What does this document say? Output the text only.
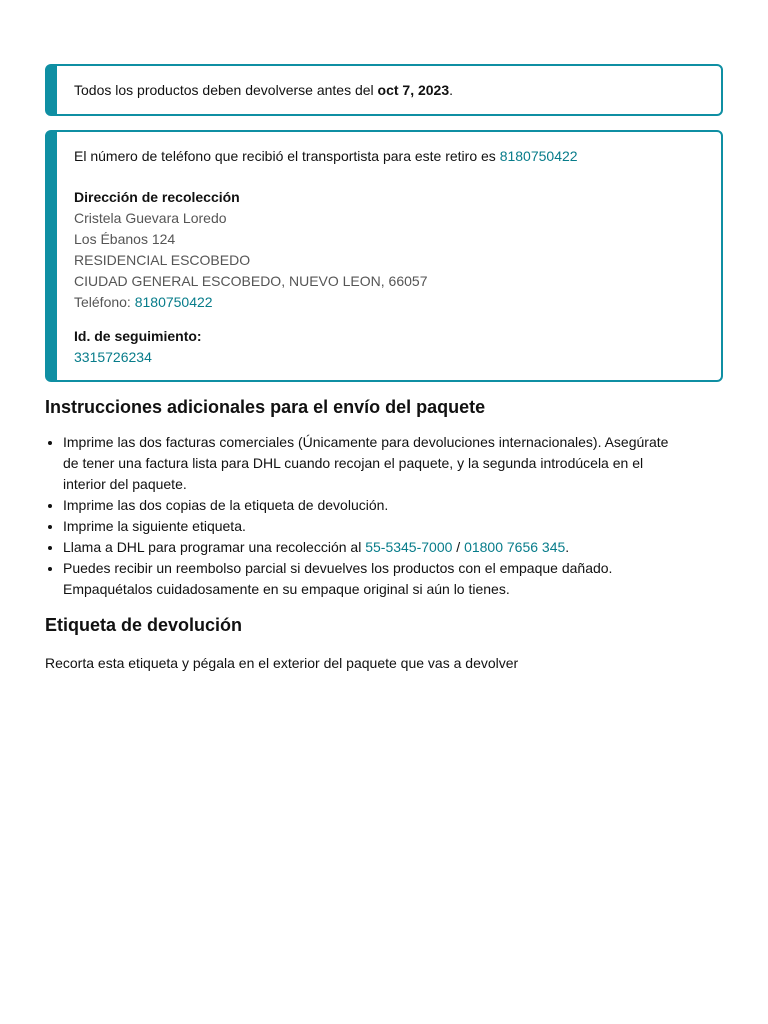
Todos los productos deben devolverse antes del oct 7, 2023.
El número de teléfono que recibió el transportista para este retiro es 8180750422
Dirección de recolección
Cristela Guevara Loredo
Los Ébanos 124
RESIDENCIAL ESCOBEDO
CIUDAD GENERAL ESCOBEDO, NUEVO LEON, 66057
Teléfono: 8180750422
Id. de seguimiento:
3315726234
Instrucciones adicionales para el envío del paquete
• Imprime las dos facturas comerciales (Únicamente para devoluciones internacionales). Asegúrate
de tener una factura lista para DHL cuando recojan el paquete, y la segunda introdúcela en el
interior del paquete.
• Imprime las dos copias de la etiqueta de devolución.
• Imprime la siguiente etiqueta.
• Llama a DHL para programar una recolección al 55-5345-7000 / 01800 7656 345.
• Puedes recibir un reembolso parcial si devuelves los productos con el empaque dañado.
Empaquétalos cuidadosamente en su empaque original si aún lo tienes.
Etiqueta de devolución
Recorta esta etiqueta y pégala en el exterior del paquete que vas a devolver
